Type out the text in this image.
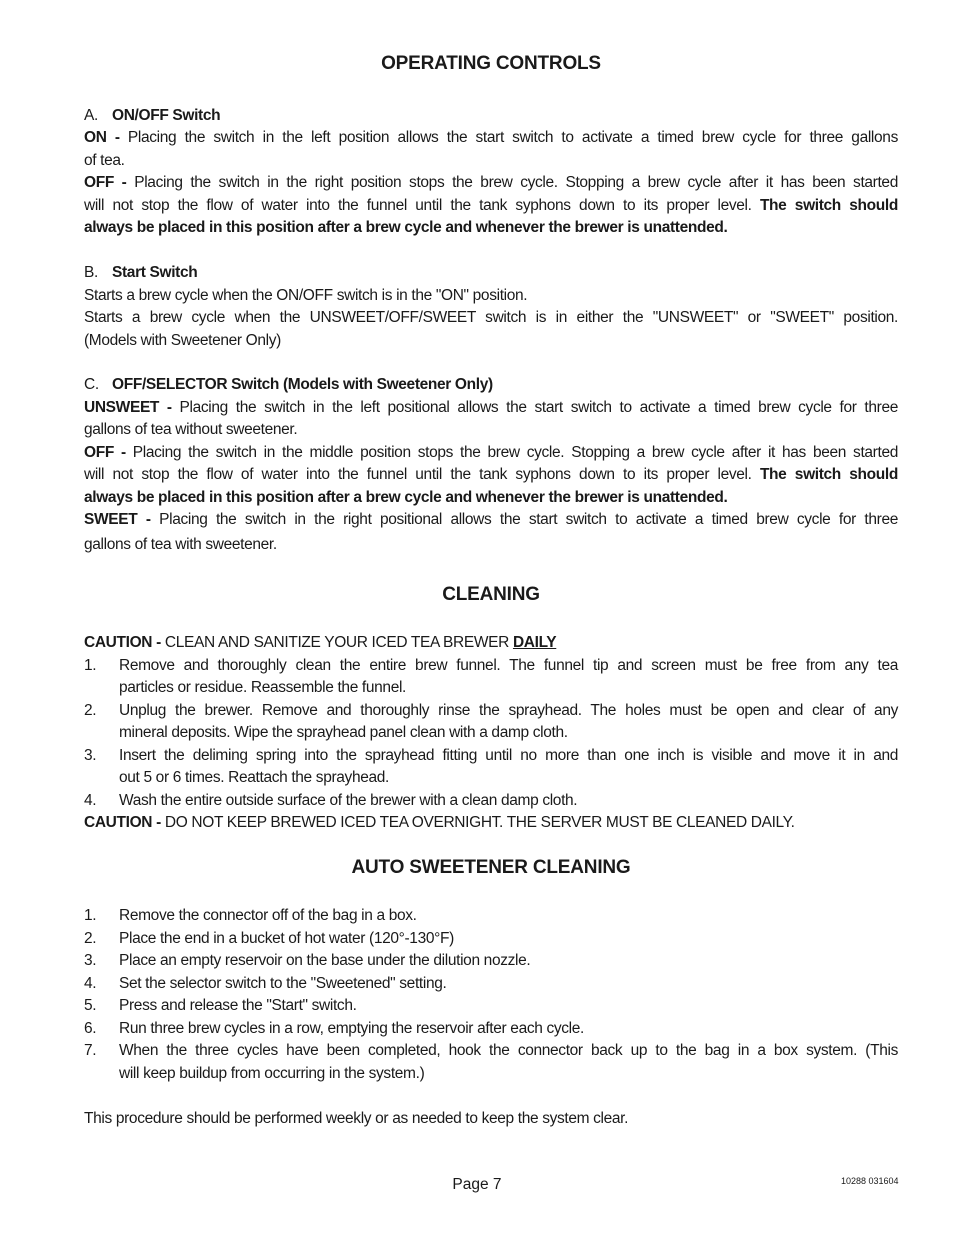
OPERATING CONTROLS
A. ON/OFF Switch
ON - Placing the switch in the left position allows the start switch to activate a timed brew cycle for three gallons
of tea.
OFF - Placing the switch in the right position stops the brew cycle. Stopping a brew cycle after it has been started
will not stop the flow of water into the funnel until the tank syphons down to its proper level. The switch should
always be placed in this position after a brew cycle and whenever the brewer is unattended.
B. Start Switch
Starts a brew cycle when the ON/OFF switch is in the "ON" position.
Starts a brew cycle when the UNSWEET/OFF/SWEET switch is in either the "UNSWEET" or "SWEET" position.
(Models with Sweetener Only)
C. OFF/SELECTOR Switch (Models with Sweetener Only)
UNSWEET - Placing the switch in the left positional allows the start switch to activate a timed brew cycle for three
gallons of tea without sweetener.
OFF - Placing the switch in the middle position stops the brew cycle. Stopping a brew cycle after it has been started
will not stop the flow of water into the funnel until the tank syphons down to its proper level. The switch should
always be placed in this position after a brew cycle and whenever the brewer is unattended.
SWEET - Placing the switch in the right positional allows the start switch to activate a timed brew cycle for three
gallons of tea with sweetener.
CLEANING
CAUTION - CLEAN AND SANITIZE YOUR ICED TEA BREWER DAILY
1. Remove and thoroughly clean the entire brew funnel. The funnel tip and screen must be free from any tea
particles or residue. Reassemble the funnel.
2. Unplug the brewer. Remove and thoroughly rinse the sprayhead. The holes must be open and clear of any
mineral deposits. Wipe the sprayhead panel clean with a damp cloth.
3. Insert the deliming spring into the sprayhead fitting until no more than one inch is visible and move it in and
out 5 or 6 times. Reattach the sprayhead.
4. Wash the entire outside surface of the brewer with a clean damp cloth.
CAUTION - DO NOT KEEP BREWED ICED TEA OVERNIGHT. THE SERVER MUST BE CLEANED DAILY.
AUTO SWEETENER CLEANING
1. Remove the connector off of the bag in a box.
2. Place the end in a bucket of hot water (120°-130°F)
3. Place an empty reservoir on the base under the dilution nozzle.
4. Set the selector switch to the "Sweetened" setting.
5. Press and release the "Start" switch.
6. Run three brew cycles in a row, emptying the reservoir after each cycle.
7. When the three cycles have been completed, hook the connector back up to the bag in a box system. (This
will keep buildup from occurring in the system.)
This procedure should be performed weekly or as needed to keep the system clear.
Page 7	10288 031604
